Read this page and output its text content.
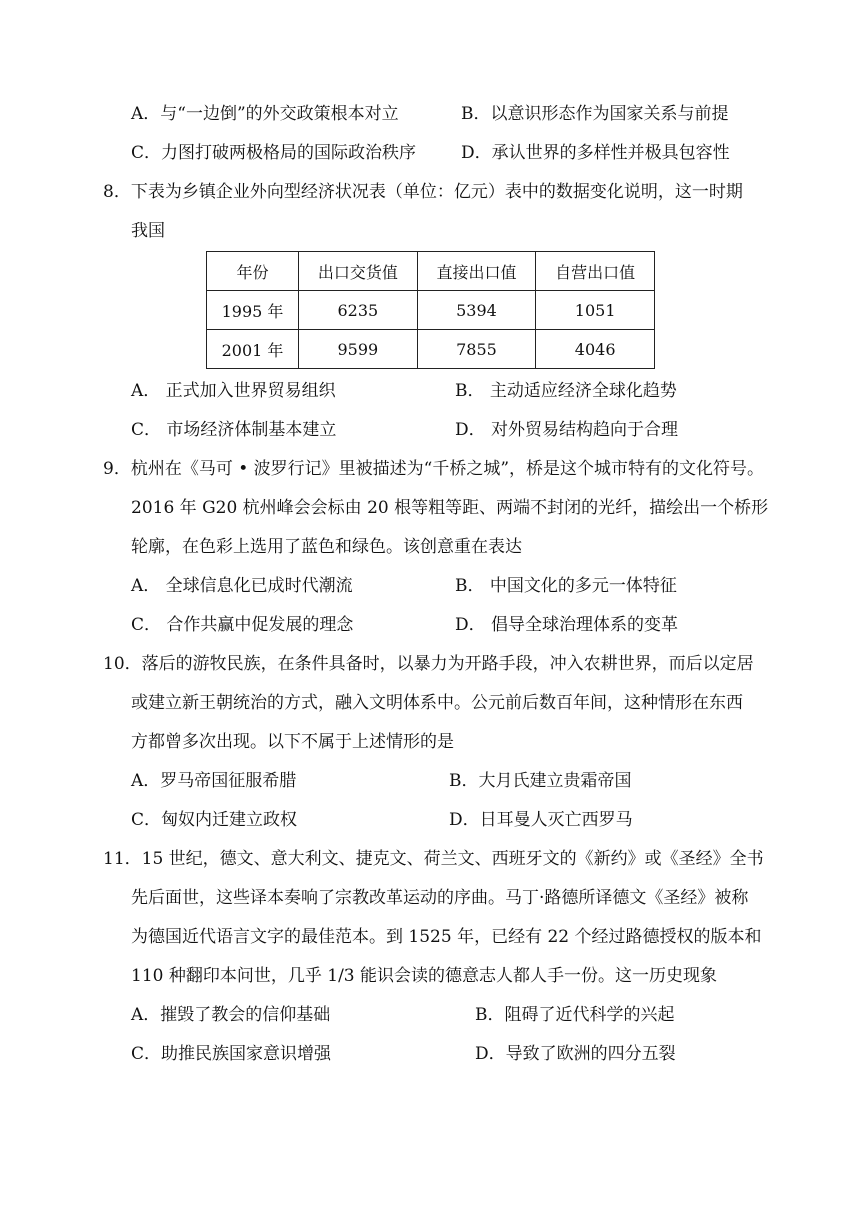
A．与“一边倒”的外交政策根本对立	B．以意识形态作为国家关系与前提
C．力图打破两极格局的国际政治秩序	D．承认世界的多样性并极具包容性
8．下表为乡镇企业外向型经济状况表（单位：亿元）表中的数据变化说明，这一时期
我国
年份	出口交货值	直接出口值	自营出口值
1995 年	6235	5394	1051
2001 年	9599	7855	4046
A． 正式加入世界贸易组织	B． 主动适应经济全球化趋势
C． 市场经济体制基本建立	D． 对外贸易结构趋向于合理
9．杭州在《马可 • 波罗行记》里被描述为“千桥之城”，桥是这个城市特有的文化符号。
2016 年 G20 杭州峰会会标由 20 根等粗等距、两端不封闭的光纤，描绘出一个桥形
轮廓，在色彩上选用了蓝色和绿色。该创意重在表达
A． 全球信息化已成时代潮流	B． 中国文化的多元一体特征
C． 合作共赢中促发展的理念	D． 倡导全球治理体系的变革
10．落后的游牧民族，在条件具备时，以暴力为开路手段，冲入农耕世界，而后以定居
或建立新王朝统治的方式，融入文明体系中。公元前后数百年间，这种情形在东西
方都曾多次出现。以下不属于上述情形的是
A．罗马帝国征服希腊	B．大月氏建立贵霜帝国
C．匈奴内迁建立政权	D．日耳曼人灭亡西罗马
11．15 世纪，德文、意大利文、捷克文、荷兰文、西班牙文的《新约》或《圣经》全书
先后面世，这些译本奏响了宗教改革运动的序曲。马丁·路德所译德文《圣经》被称
为德国近代语言文字的最佳范本。到 1525 年，已经有 22 个经过路德授权的版本和
110 种翻印本问世，几乎 1/3 能识会读的德意志人都人手一份。这一历史现象
A．摧毁了教会的信仰基础	B．阻碍了近代科学的兴起
C．助推民族国家意识增强	D．导致了欧洲的四分五裂
